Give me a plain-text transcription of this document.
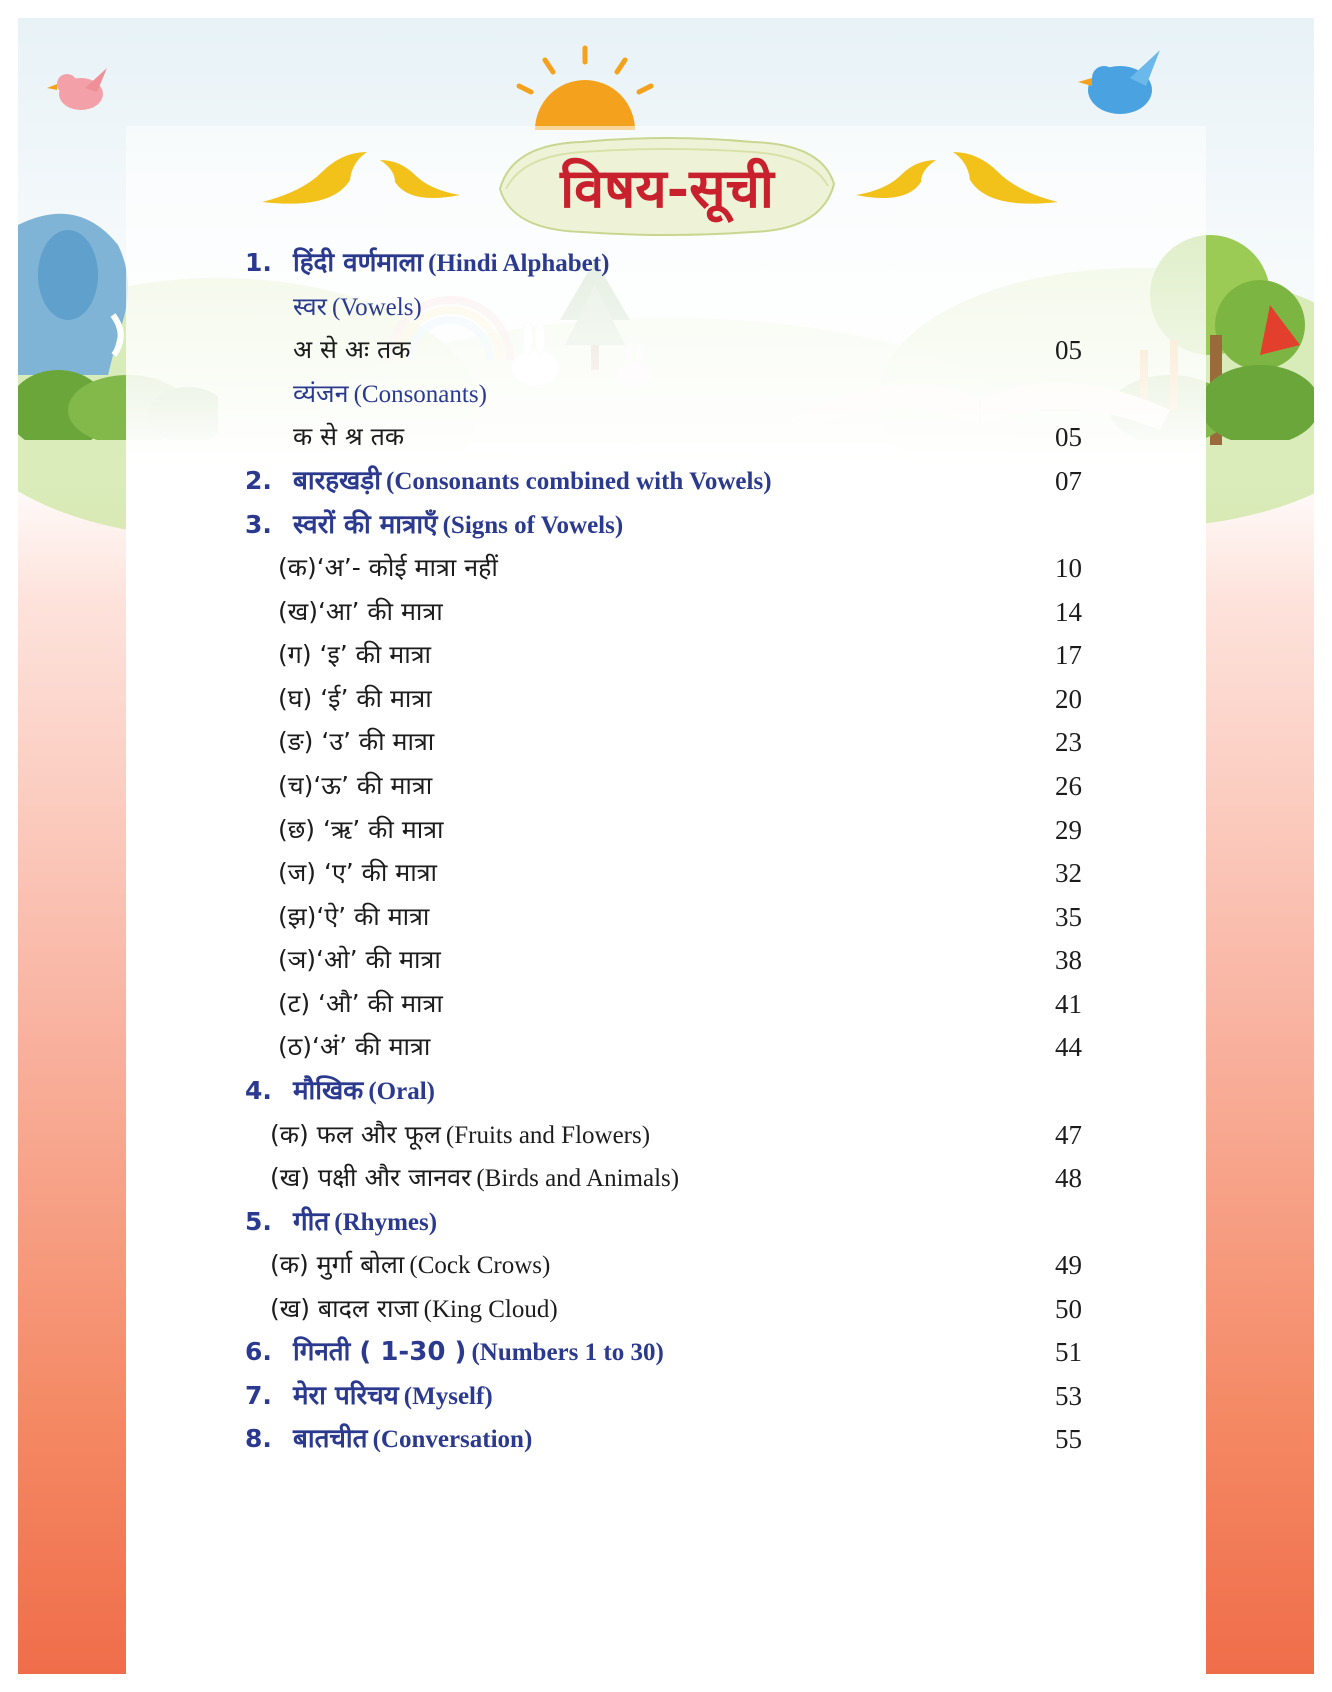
विषय-सूची
1. हिंदी वर्णमाला (Hindi Alphabet)
स्वर (Vowels)
अ से अः तक	05
व्यंजन (Consonants)
क से श्र तक	05
2. बारहखड़ी (Consonants combined with Vowels)	07
3. स्वरों की मात्राएँ (Signs of Vowels)
(क)‘अ’- कोई मात्रा नहीं	10
(ख)‘आ’ की मात्रा	14
(ग) ‘इ’ की मात्रा	17
(घ) ‘ई’ की मात्रा	20
(ङ) ‘उ’ की मात्रा	23
(च)‘ऊ’ की मात्रा	26
(छ) ‘ऋ’ की मात्रा	29
(ज) ‘ए’ की मात्रा	32
(झ)‘ऐ’ की मात्रा	35
(ञ)‘ओ’ की मात्रा	38
(ट) ‘औ’ की मात्रा	41
(ठ)‘अं’ की मात्रा	44
4. मौखिक (Oral)
(क) फल और फूल (Fruits and Flowers)	47
(ख) पक्षी और जानवर (Birds and Animals)	48
5. गीत (Rhymes)
(क) मुर्गा बोला (Cock Crows)	49
(ख) बादल राजा (King Cloud)	50
6. गिनती ( 1-30 ) (Numbers 1 to 30)	51
7. मेरा परिचय (Myself)	53
8. बातचीत (Conversation)	55
